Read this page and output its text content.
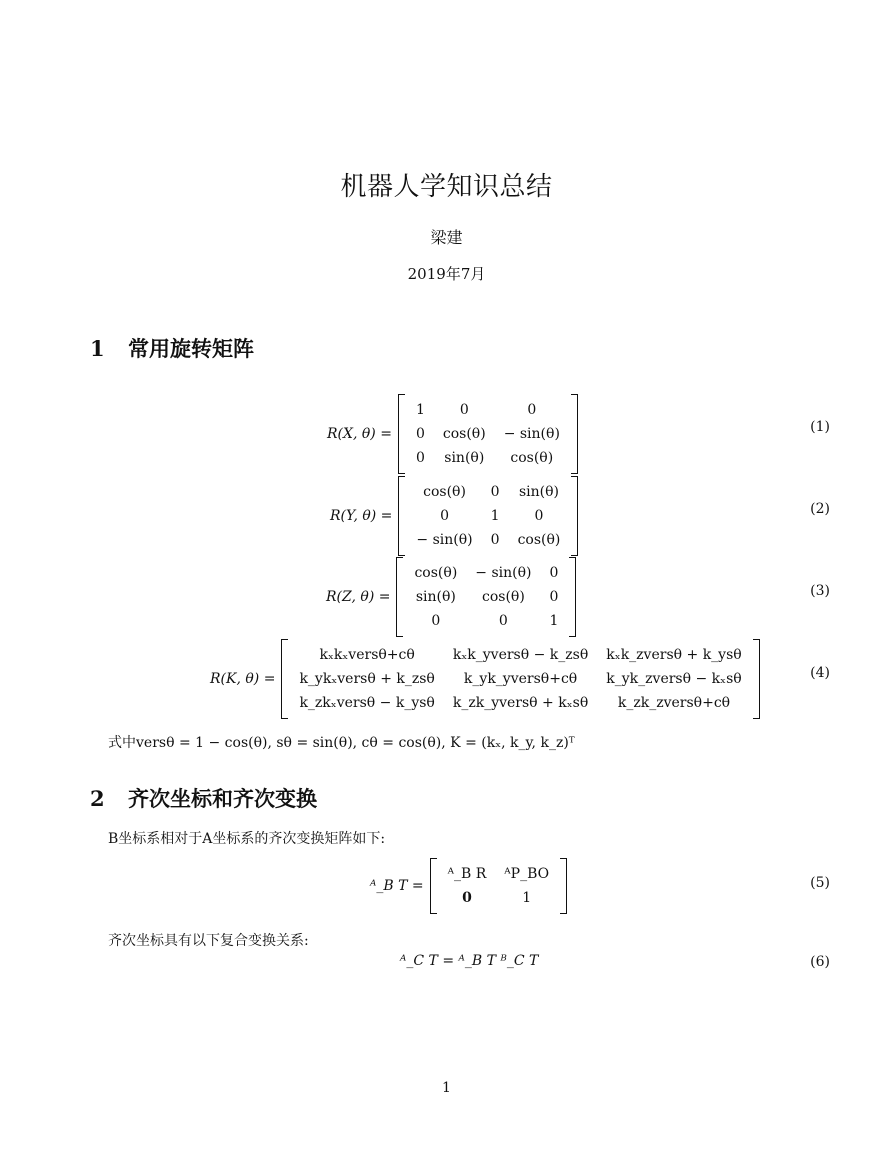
机器人学知识总结
梁建
2019年7月
1 常用旋转矩阵
R(X, θ) =
1	0	0
0	cos(θ)	− sin(θ)
0	sin(θ)	cos(θ)
(1)
R(Y, θ) =
cos(θ)	0	sin(θ)
0	1	0
− sin(θ)	0	cos(θ)
(2)
R(Z, θ) =
cos(θ)	− sin(θ)	0
sin(θ)	cos(θ)	0
0	0	1
(3)
R(K, θ) =
kₓkₓversθ+cθ	kₓk_yversθ − k_zsθ	kₓk_zversθ + k_ysθ
k_ykₓversθ + k_zsθ	k_yk_yversθ+cθ	k_yk_zversθ − kₓsθ
k_zkₓversθ − k_ysθ	k_zk_yversθ + kₓsθ	k_zk_zversθ+cθ
(4)
式中versθ = 1 − cos(θ), sθ = sin(θ), cθ = cos(θ), K = (kₓ, k_y, k_z)ᵀ
2 齐次坐标和齐次变换
B坐标系相对于A坐标系的齐次变换矩阵如下:
ᴬ_B T =
ᴬ_B R	ᴬP_BO
0	1
(5)
齐次坐标具有以下复合变换关系:
ᴬ_C T = ᴬ_B T ᴮ_C T	(6)
1
